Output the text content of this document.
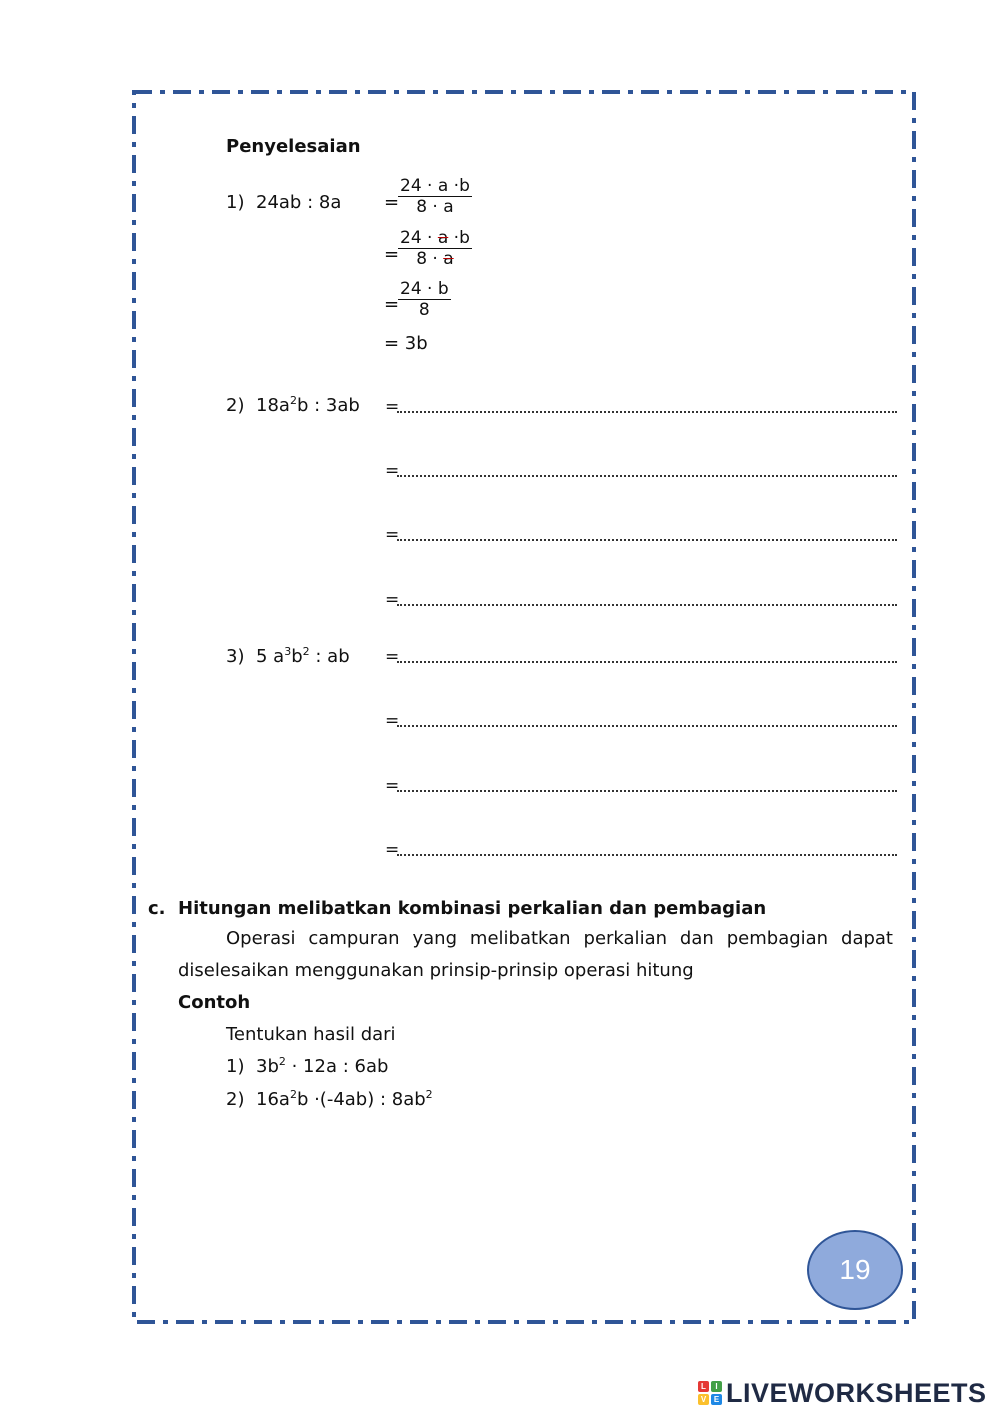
Penyelesaian
1) 24ab : 8a =
$\frac{24 \cdot a \cdot b}{8 \cdot a}$
=
$\frac{24 \cdot a \cdot b}{8 \cdot a}$
=
$\frac{24 \cdot b}{8}$
= 3b
2) $18a^2b$ : 3ab =
=
=
=
3) 5 $a^3b^2$ : ab =
=
=
=
c. Hitungan melibatkan kombinasi perkalian dan pembagian
Operasi campuran yang melibatkan perkalian dan pembagian dapat diselesaikan menggunakan prinsip-prinsip operasi hitung
Contoh
Tentukan hasil dari
1) $3b^2 \cdot 12a$ : 6ab
2) $16a^2b \cdot(-4ab)$ : $8ab^2$
19
L	I
V E LIVEWORKSHEETS
